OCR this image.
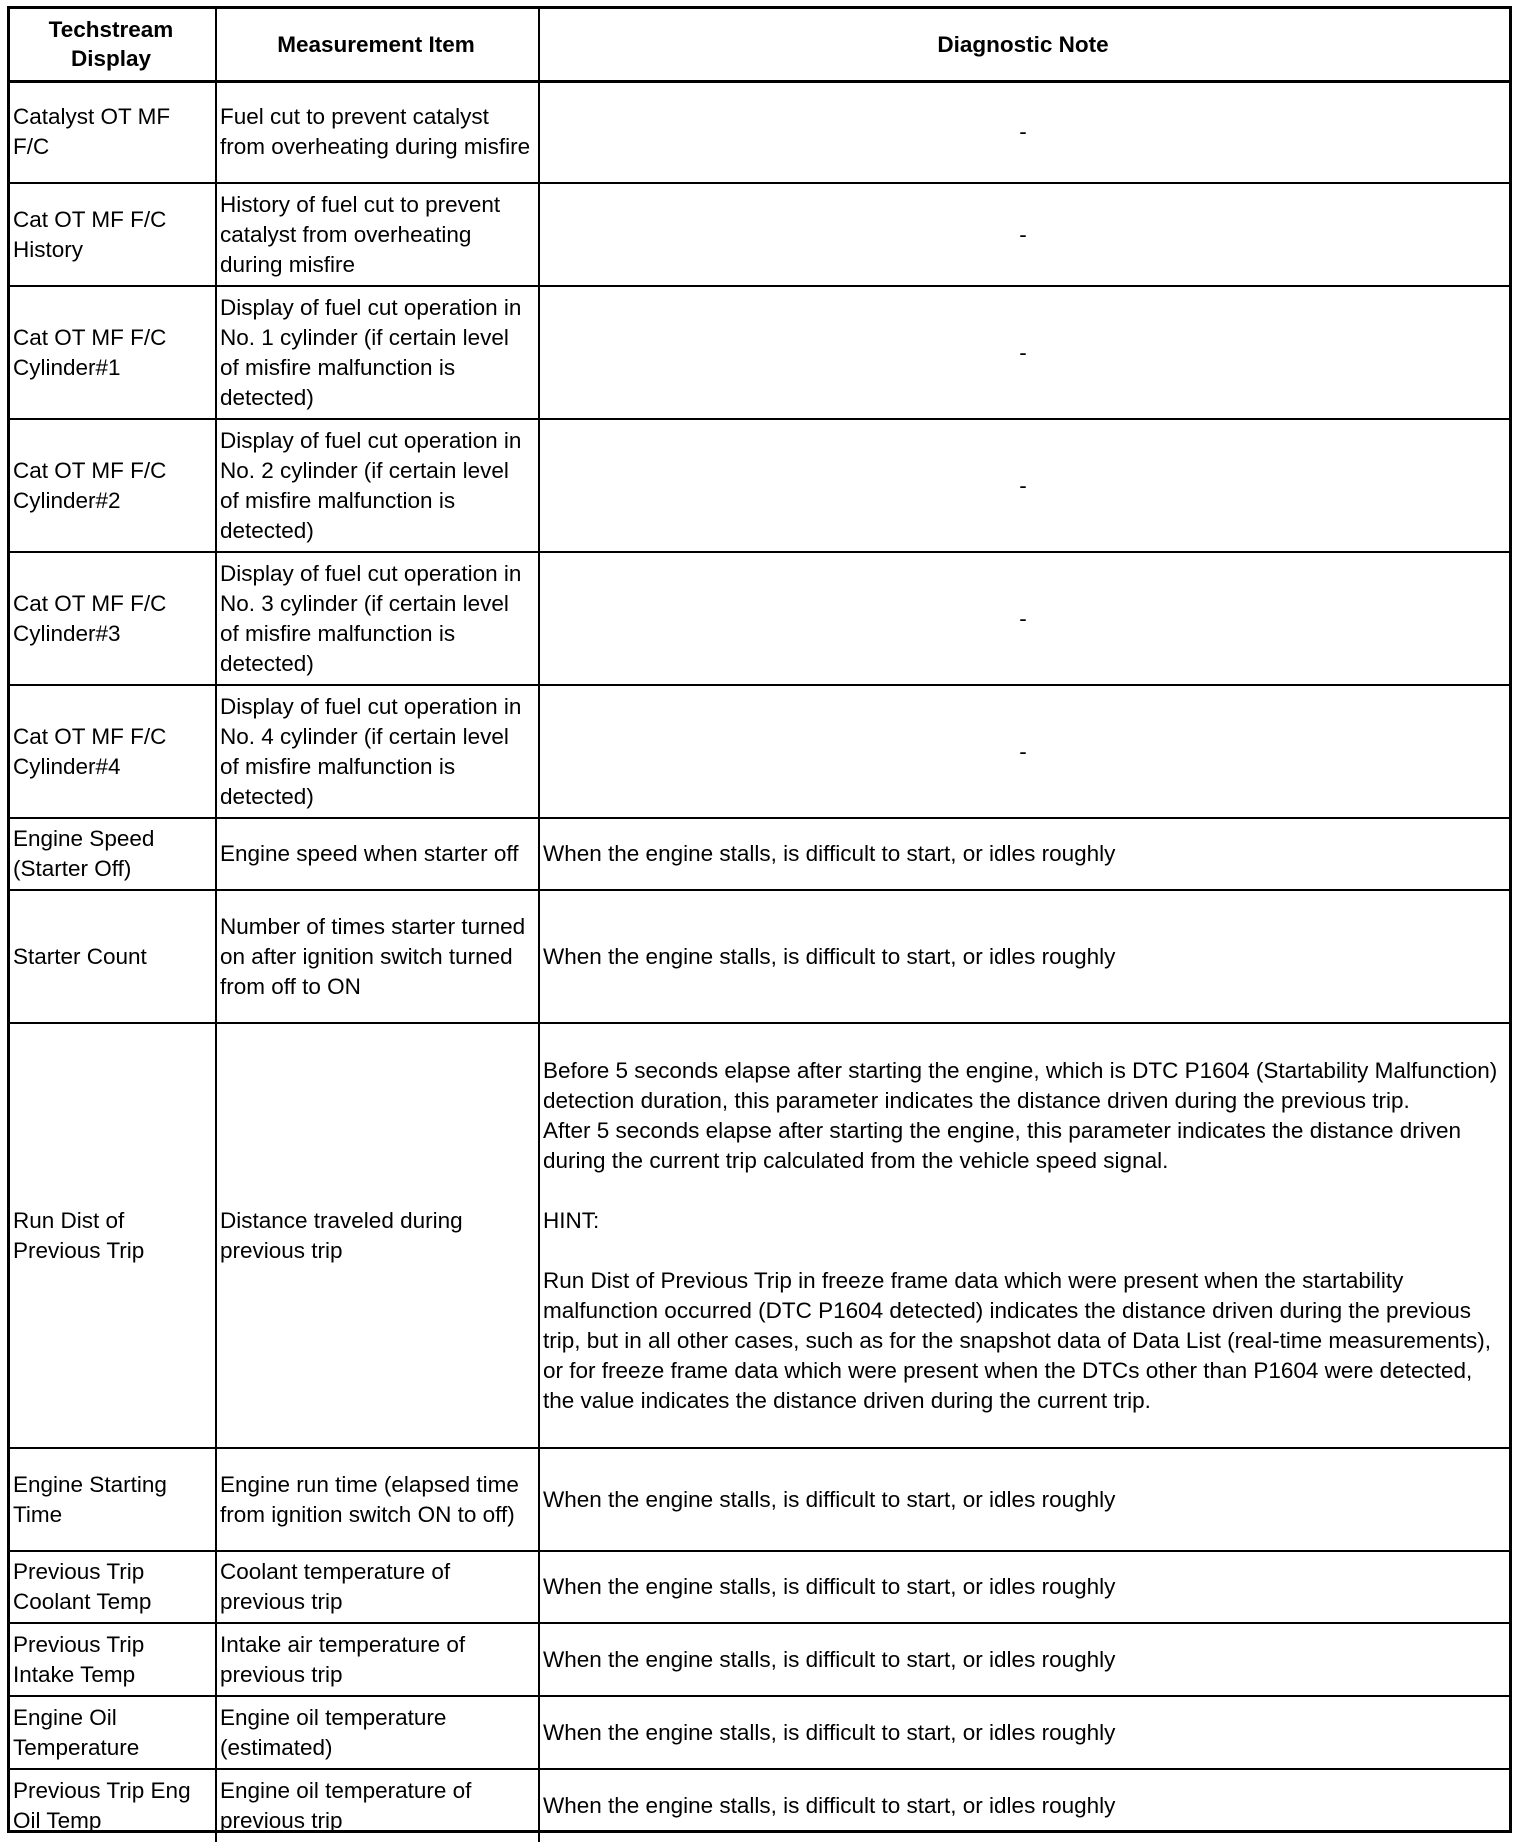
Techstream Display	Measurement Item	Diagnostic Note
Catalyst OT MF F/C	Fuel cut to prevent catalyst from overheating during misfire	-
Cat OT MF F/C History	History of fuel cut to prevent catalyst from overheating during misfire	-
Cat OT MF F/C Cylinder#1	Display of fuel cut operation in No. 1 cylinder (if certain level of misfire malfunction is detected)	-
Cat OT MF F/C Cylinder#2	Display of fuel cut operation in No. 2 cylinder (if certain level of misfire malfunction is detected)	-
Cat OT MF F/C Cylinder#3	Display of fuel cut operation in No. 3 cylinder (if certain level of misfire malfunction is detected)	-
Cat OT MF F/C Cylinder#4	Display of fuel cut operation in No. 4 cylinder (if certain level of misfire malfunction is detected)	-
Engine Speed (Starter Off)	Engine speed when starter off	When the engine stalls, is difficult to start, or idles roughly
Starter Count	Number of times starter turned on after ignition switch turned from off to ON	When the engine stalls, is difficult to start, or idles roughly
Run Dist of Previous Trip	Distance traveled during previous trip	Before 5 seconds elapse after starting the engine, which is DTC P1604 (Startability Malfunction) detection duration, this parameter indicates the distance driven during the previous trip.
After 5 seconds elapse after starting the engine, this parameter indicates the distance driven during the current trip calculated from the vehicle speed signal.
HINT:
Run Dist of Previous Trip in freeze frame data which were present when the startability malfunction occurred (DTC P1604 detected) indicates the distance driven during the previous trip, but in all other cases, such as for the snapshot data of Data List (real-time measurements), or for freeze frame data which were present when the DTCs other than P1604 were detected, the value indicates the distance driven during the current trip.

Engine Starting Time	Engine run time (elapsed time from ignition switch ON to off)	When the engine stalls, is difficult to start, or idles roughly
Previous Trip Coolant Temp	Coolant temperature of previous trip	When the engine stalls, is difficult to start, or idles roughly
Previous Trip Intake Temp	Intake air temperature of previous trip	When the engine stalls, is difficult to start, or idles roughly
Engine Oil Temperature	Engine oil temperature (estimated)	When the engine stalls, is difficult to start, or idles roughly
Previous Trip Eng Oil Temp	Engine oil temperature of previous trip	When the engine stalls, is difficult to start, or idles roughly
